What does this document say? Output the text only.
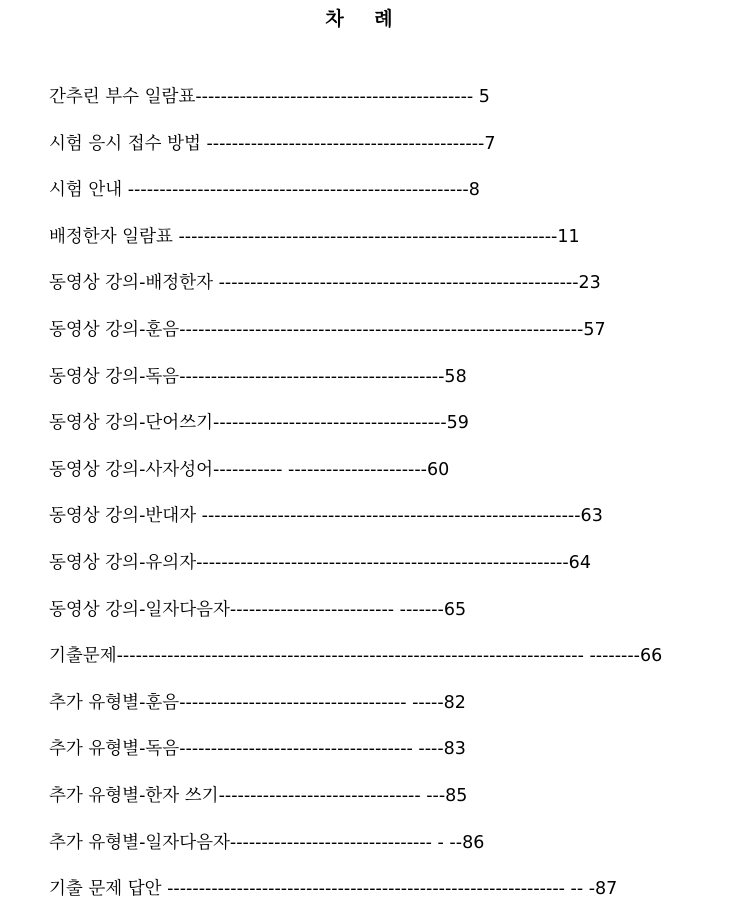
차 례
간추린 부수 일람표-------------------------------------------- 5
시험 응시 접수 방법 --------------------------------------------7
시험 안내 ------------------------------------------------------8
배정한자 일람표 ------------------------------------------------------------11
동영상 강의-배정한자 ---------------------------------------------------------23
동영상 강의-훈음----------------------------------------------------------------57
동영상 강의-독음------------------------------------------58
동영상 강의-단어쓰기-------------------------------------59
동영상 강의-사자성어----------- ----------------------60
동영상 강의-반대자 ------------------------------------------------------------63
동영상 강의-유의자-----------------------------------------------------------64
동영상 강의-일자다음자-------------------------- -------65
기출문제-------------------------------------------------------------------------- --------66
추가 유형별-훈음------------------------------------ -----82
추가 유형별-독음------------------------------------- ----83
추가 유형별-한자 쓰기-------------------------------- ---85
추가 유형별-일자다음자-------------------------------- - --86
기출 문제 답안 --------------------------------------------------------------- -- -87
